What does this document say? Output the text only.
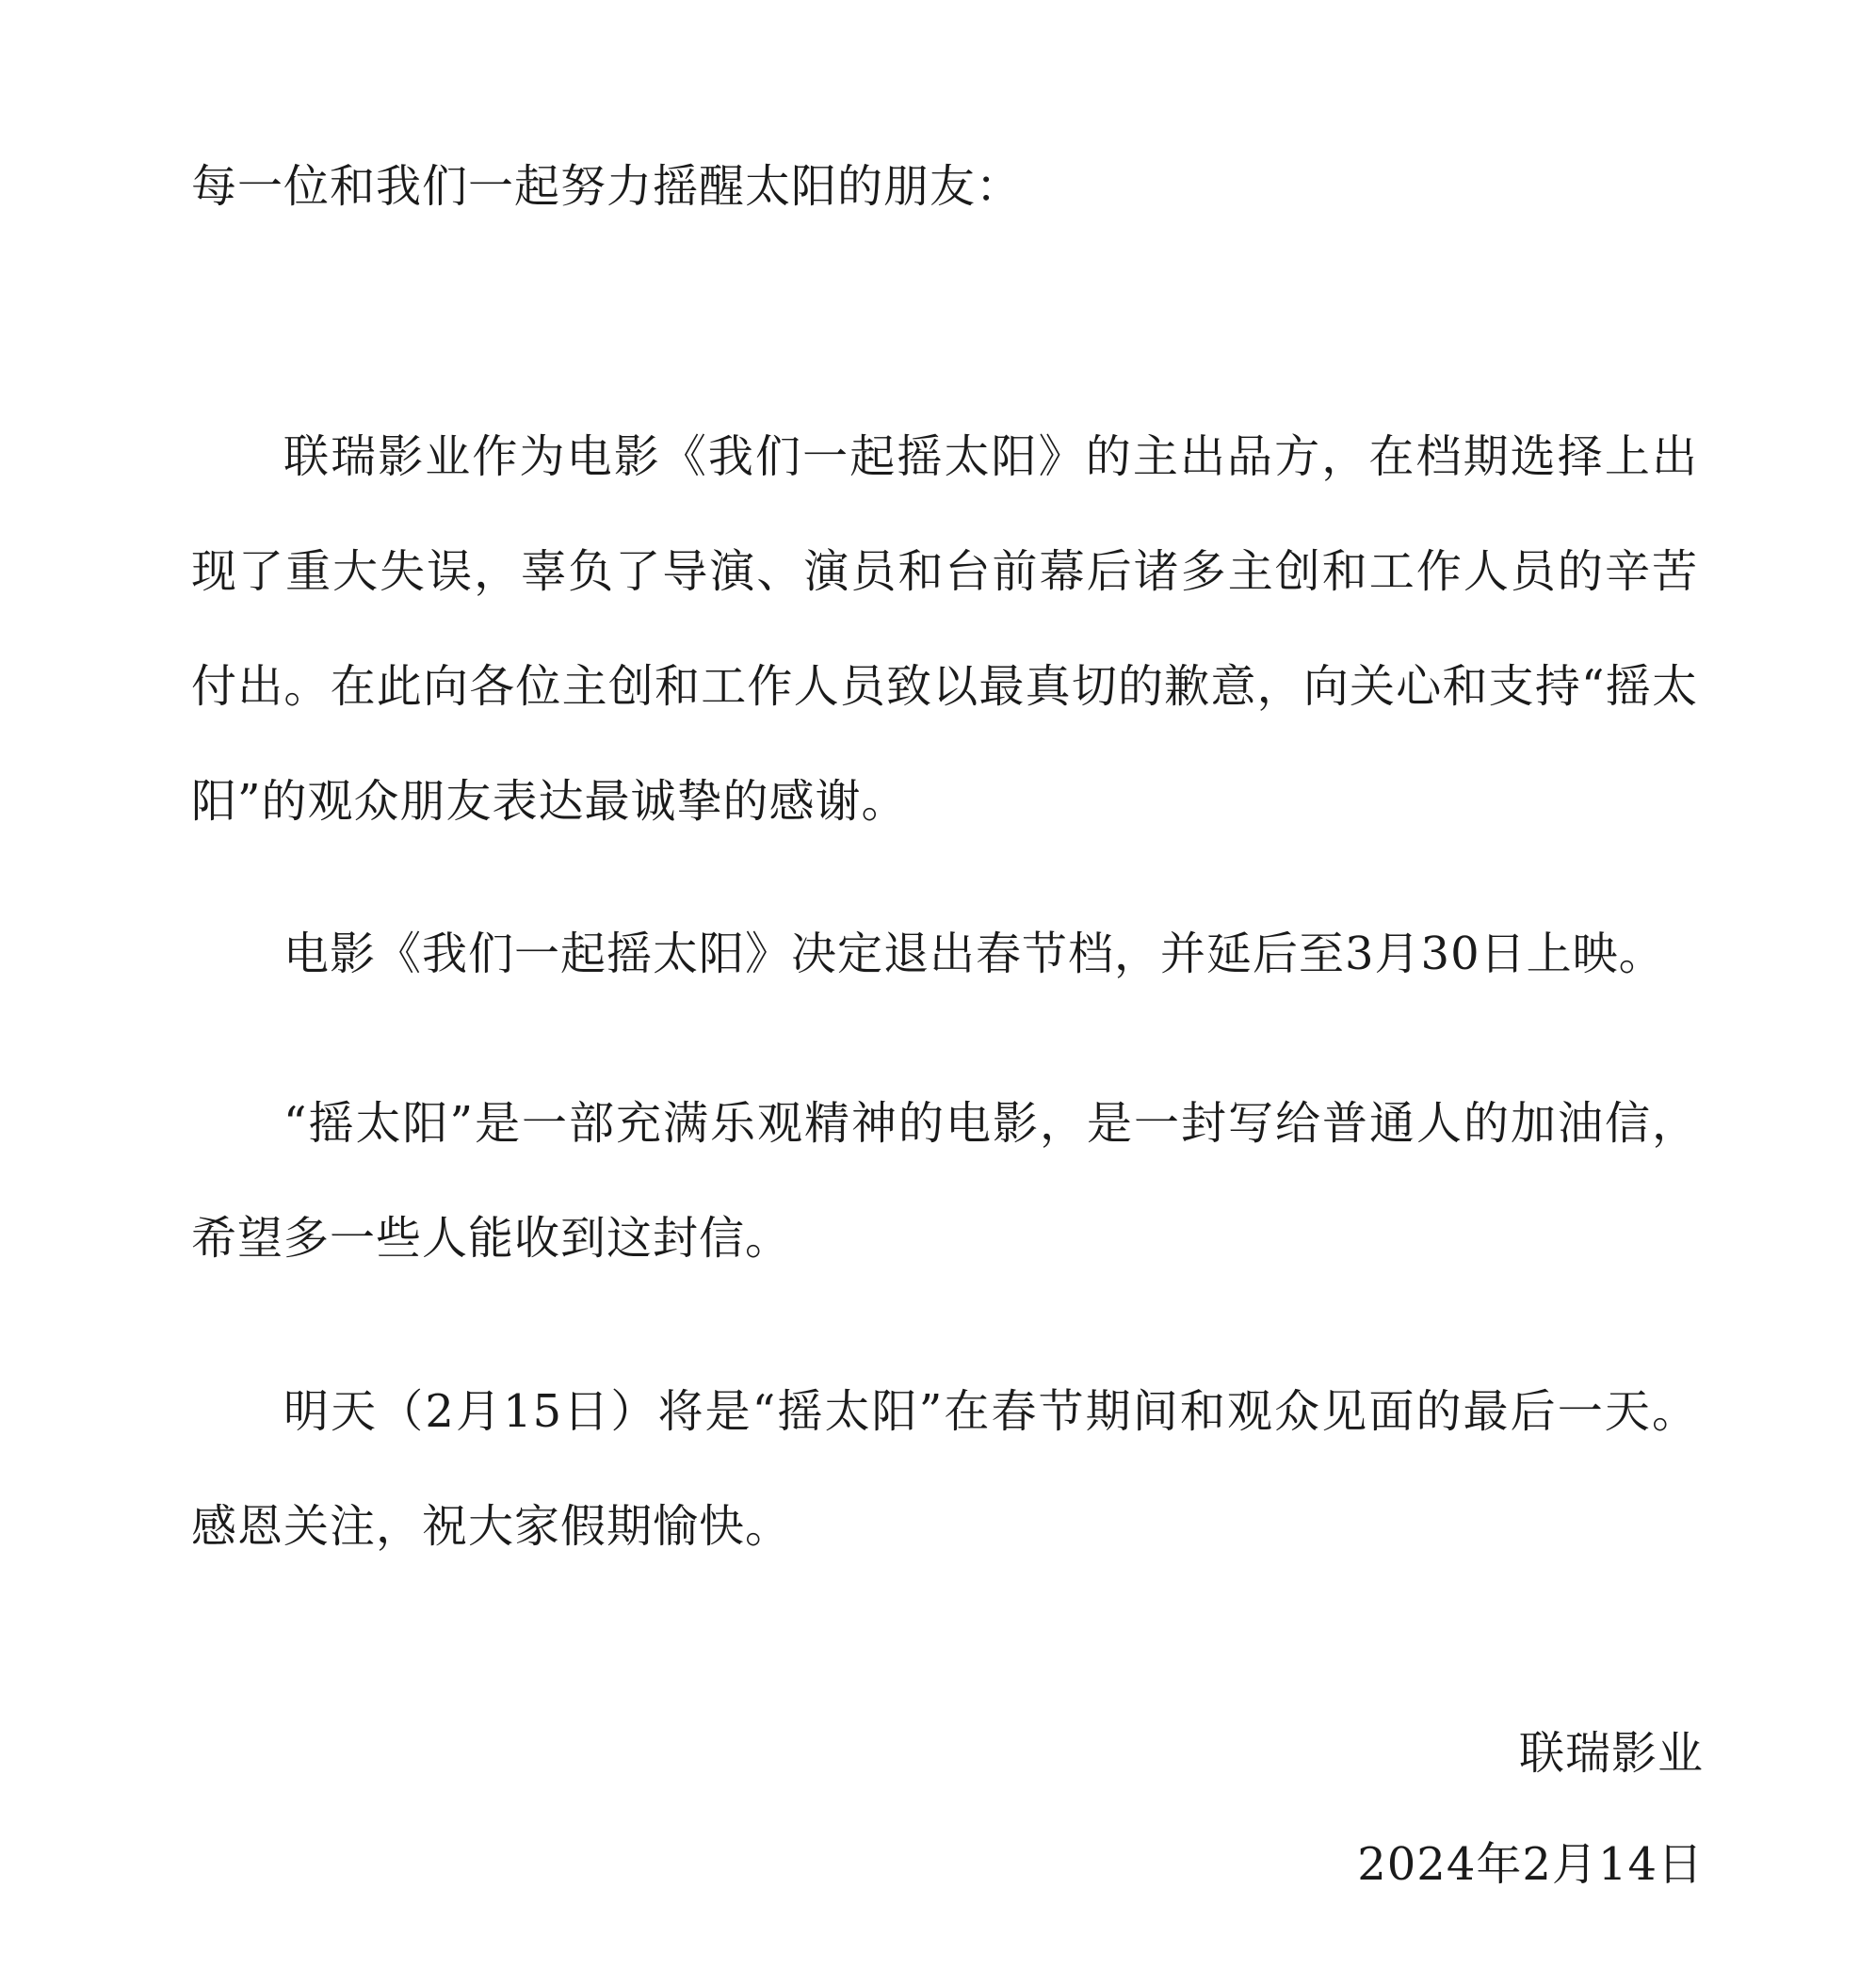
每一位和我们一起努力摇醒太阳的朋友：

联瑞影业作为电影《我们一起摇太阳》的主出品方，在档期选择上出现了重大失误，辜负了导演、演员和台前幕后诸多主创和工作人员的辛苦付出。在此向各位主创和工作人员致以最真切的歉意，向关心和支持“摇太阳”的观众朋友表达最诚挚的感谢。

电影《我们一起摇太阳》决定退出春节档，并延后至3月30日上映。

“摇太阳”是一部充满乐观精神的电影，是一封写给普通人的加油信，希望多一些人能收到这封信。

明天（2月15日）将是“摇太阳”在春节期间和观众见面的最后一天。感恩关注，祝大家假期愉快。

联瑞影业

2024年2月14日
